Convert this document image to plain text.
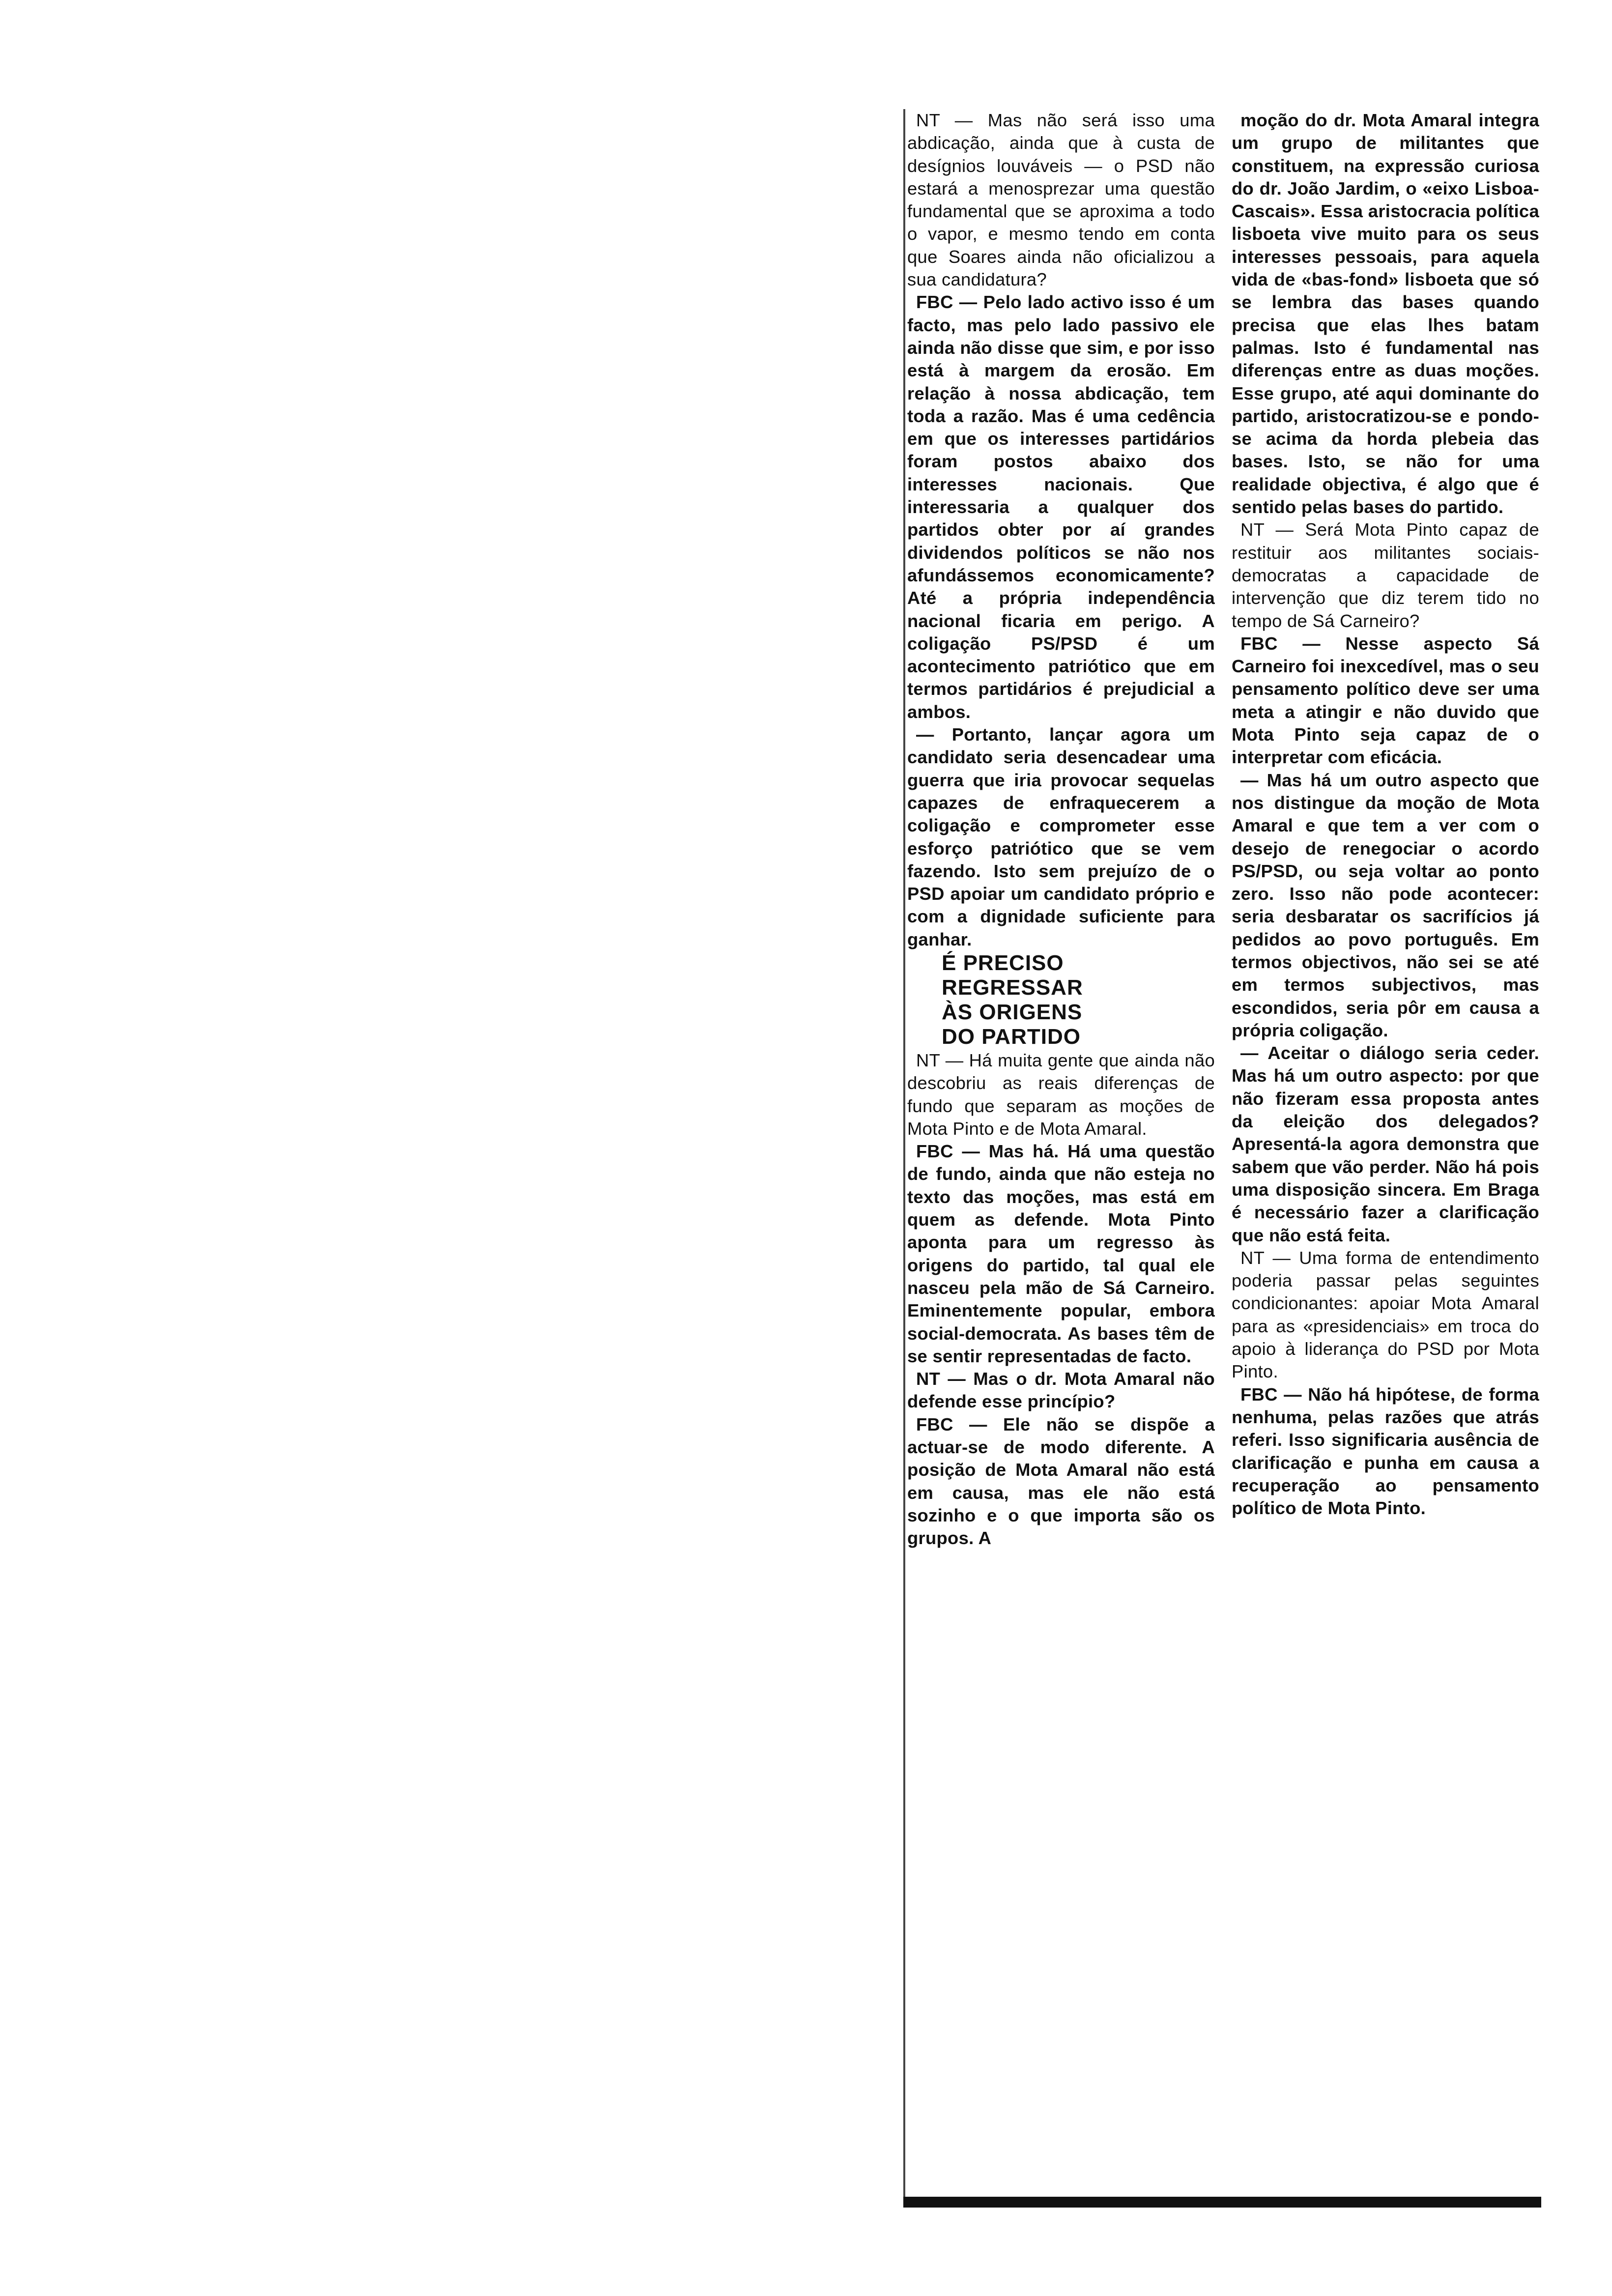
NT — Mas não será isso uma abdicação, ainda que à custa de desígnios louváveis — o PSD não estará a menosprezar uma questão fundamental que se aproxima a todo o vapor, e mesmo tendo em conta que Soares ainda não oficializou a sua candidatura?

FBC — Pelo lado activo isso é um facto, mas pelo lado passivo ele ainda não disse que sim, e por isso está à margem da erosão. Em relação à nossa abdicação, tem toda a razão. Mas é uma cedência em que os interesses partidários foram postos abaixo dos interesses nacionais. Que interessaria a qualquer dos partidos obter por aí grandes dividendos políticos se não nos afundássemos economicamente? Até a própria independência nacional ficaria em perigo. A coligação PS/PSD é um acontecimento patriótico que em termos partidários é prejudicial a ambos.

— Portanto, lançar agora um candidato seria desencadear uma guerra que iria provocar sequelas capazes de enfraquecerem a coligação e comprometer esse esforço patriótico que se vem fazendo. Isto sem prejuízo de o PSD apoiar um candidato próprio e com a dignidade suficiente para ganhar.

É PRECISO
REGRESSAR
ÀS ORIGENS
DO PARTIDO

NT — Há muita gente que ainda não descobriu as reais diferenças de fundo que separam as moções de Mota Pinto e de Mota Amaral.

FBC — Mas há. Há uma questão de fundo, ainda que não esteja no texto das moções, mas está em quem as defende. Mota Pinto aponta para um regresso às origens do partido, tal qual ele nasceu pela mão de Sá Carneiro. Eminentemente popular, embora social-democrata. As bases têm de se sentir representadas de facto.

NT — Mas o dr. Mota Amaral não defende esse princípio?

FBC — Ele não se dispõe a actuar-se de modo diferente. A posição de Mota Amaral não está em causa, mas ele não está sozinho e o que importa são os grupos. A

moção do dr. Mota Amaral integra um grupo de militantes que constituem, na expressão curiosa do dr. João Jardim, o «eixo Lisboa-Cascais». Essa aristocracia política lisboeta vive muito para os seus interesses pessoais, para aquela vida de «bas-fond» lisboeta que só se lembra das bases quando precisa que elas lhes batam palmas. Isto é fundamental nas diferenças entre as duas moções. Esse grupo, até aqui dominante do partido, aristocratizou-se e pondo-se acima da horda plebeia das bases. Isto, se não for uma realidade objectiva, é algo que é sentido pelas bases do partido.

NT — Será Mota Pinto capaz de restituir aos militantes sociais-democratas a capacidade de intervenção que diz terem tido no tempo de Sá Carneiro?

FBC — Nesse aspecto Sá Carneiro foi inexcedível, mas o seu pensamento político deve ser uma meta a atingir e não duvido que Mota Pinto seja capaz de o interpretar com eficácia.

— Mas há um outro aspecto que nos distingue da moção de Mota Amaral e que tem a ver com o desejo de renegociar o acordo PS/PSD, ou seja voltar ao ponto zero. Isso não pode acontecer: seria desbaratar os sacrifícios já pedidos ao povo português. Em termos objectivos, não sei se até em termos subjectivos, mas escondidos, seria pôr em causa a própria coligação.

— Aceitar o diálogo seria ceder. Mas há um outro aspecto: por que não fizeram essa proposta antes da eleição dos delegados? Apresentá-la agora demonstra que sabem que vão perder. Não há pois uma disposição sincera. Em Braga é necessário fazer a clarificação que não está feita.

NT — Uma forma de entendimento poderia passar pelas seguintes condicionantes: apoiar Mota Amaral para as «presidenciais» em troca do apoio à liderança do PSD por Mota Pinto.

FBC — Não há hipótese, de forma nenhuma, pelas razões que atrás referi. Isso significaria ausência de clarificação e punha em causa a recuperação ao pensamento político de Mota Pinto.
